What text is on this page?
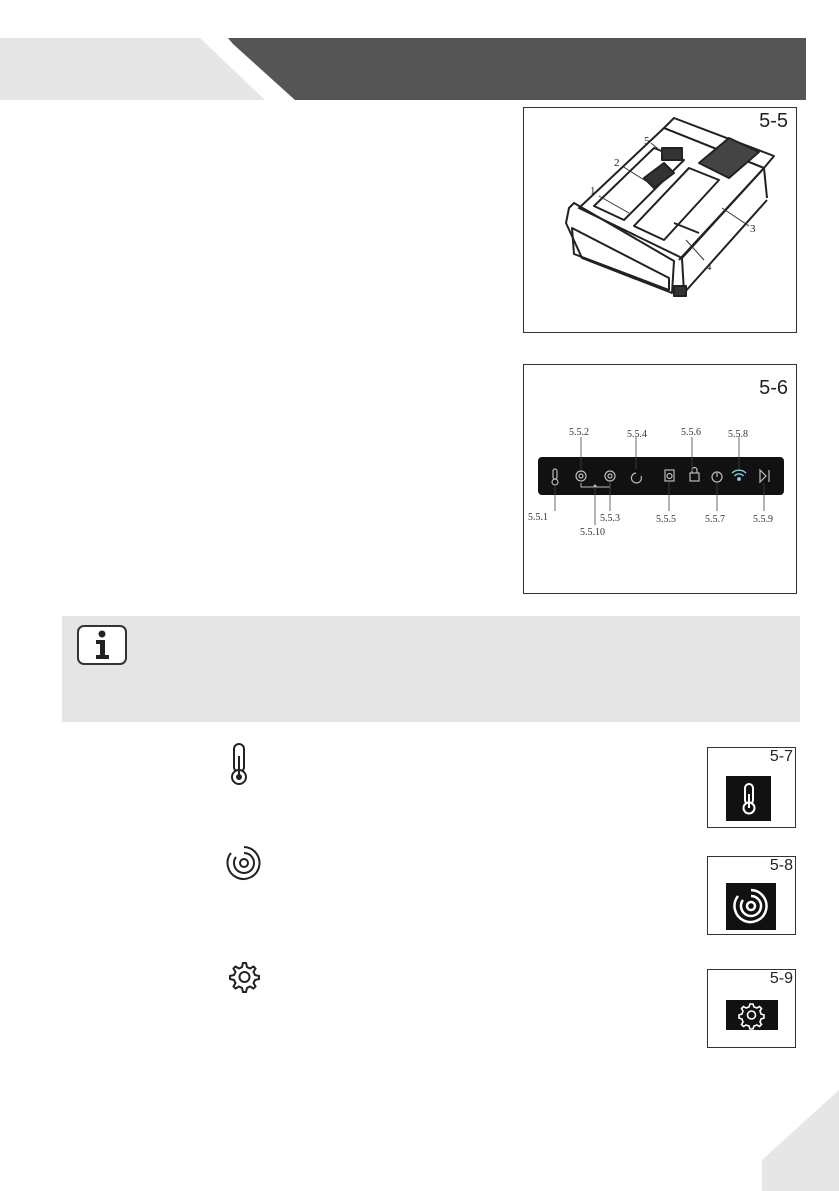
5-5
5
2
1
3
4
5-6
5.5.2	5.5.4	5.5.6	5.5.8
5.5.1	5.5.3	5.5.5	5.5.7	5.5.9
5.5.10
5-7
5-8
5-9
